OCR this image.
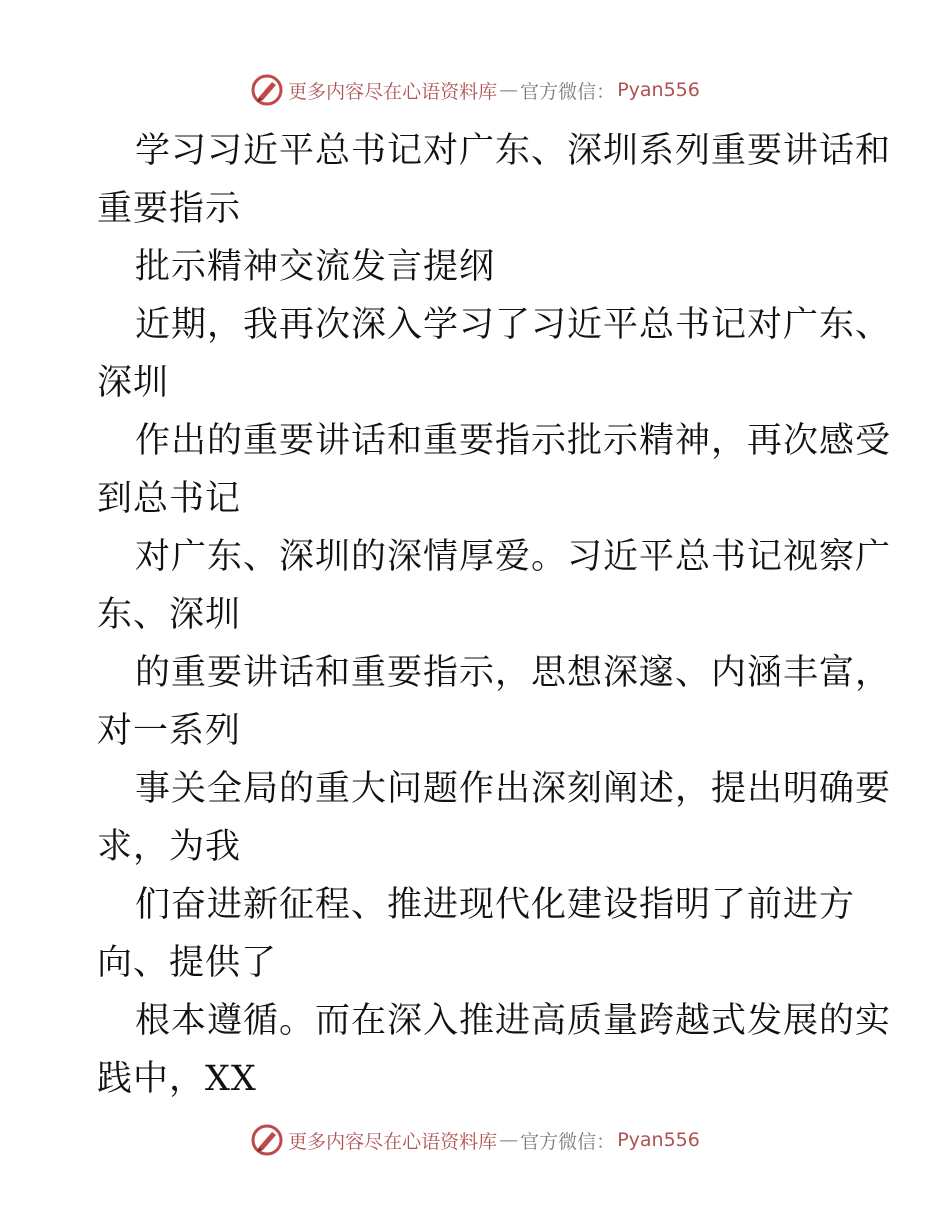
更多内容尽在心语资料库 — 官方微信： Pyan556
学习习近平总书记对广东、深圳系列重要讲话和
重要指示
批示精神交流发言提纲
近期，我再次深入学习了习近平总书记对广东、
深圳
作出的重要讲话和重要指示批示精神，再次感受
到总书记
对广东、深圳的深情厚爱。习近平总书记视察广
东、深圳
的重要讲话和重要指示，思想深邃、内涵丰富，
对一系列
事关全局的重大问题作出深刻阐述，提出明确要
求，为我
们奋进新征程、推进现代化建设指明了前进方
向、提供了
根本遵循。而在深入推进高质量跨越式发展的实
践中，XX
更多内容尽在心语资料库 — 官方微信： Pyan556
